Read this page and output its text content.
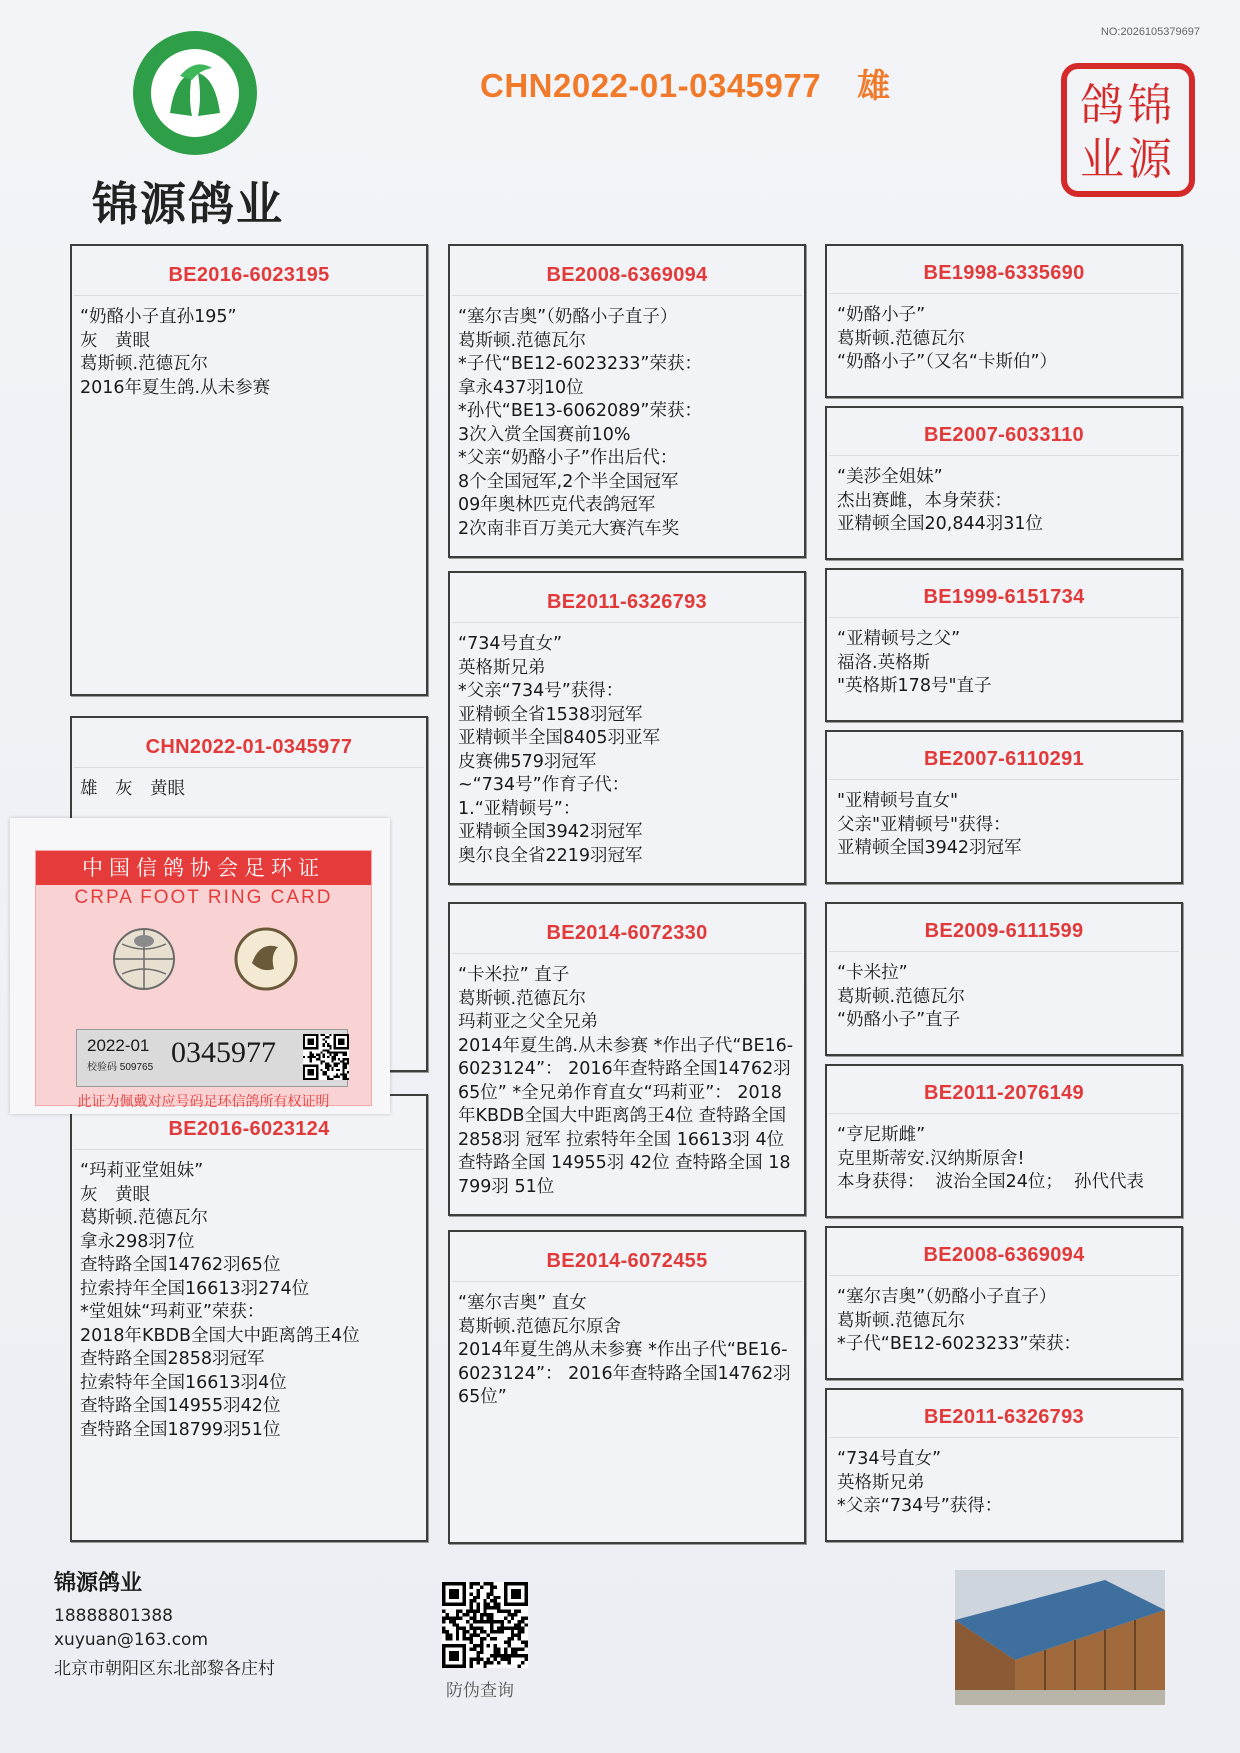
NO:2026105379697
锦源鸽业
CHN2022-01-0345977 雄	锦
源
鸽
业
BE2016-6023195
“奶酪小子直孙195”
灰　黄眼
葛斯顿.范德瓦尔
2016年夏生鸽.从未参赛
CHN2022-01-0345977
雄　灰　黄眼
BE2016-6023124
“玛莉亚堂姐妹”
灰　黄眼
葛斯顿.范德瓦尔
拿永298羽7位
查特路全国14762羽65位
拉索持年全国16613羽274位
*堂姐妹“玛莉亚”荣获：
2018年KBDB全国大中距离鸽王4位
查特路全国2858羽冠军
拉索特年全国16613羽4位
查特路全国14955羽42位
查特路全国18799羽51位
BE2008-6369094
“塞尔吉奥”（奶酪小子直子）
葛斯顿.范德瓦尔
*子代“BE12-6023233”荣获：
拿永437羽10位
*孙代“BE13-6062089”荣获：
3次入赏全国赛前10%
*父亲“奶酪小子”作出后代：
8个全国冠军,2个半全国冠军
09年奥林匹克代表鸽冠军
2次南非百万美元大赛汽车奖
BE2011-6326793
“734号直女”
英格斯兄弟
*父亲“734号”获得：
亚精顿全省1538羽冠军
亚精顿半全国8405羽亚军
皮赛佛579羽冠军
~“734号”作育子代：
1.“亚精顿号”：
亚精顿全国3942羽冠军
奥尔良全省2219羽冠军
BE2014-6072330
“卡米拉” 直子
葛斯顿.范德瓦尔
玛莉亚之父全兄弟
2014年夏生鸽.从未参赛 *作出子代“BE16-6023124”： 2016年查特路全国14762羽65位” *全兄弟作育直女“玛莉亚”： 2018年KBDB全国大中距离鸽王4位 查特路全国 2858羽 冠军 拉索特年全国 16613羽 4位 查特路全国 14955羽 42位 查特路全国 18799羽 51位
BE2014-6072455
“塞尔吉奥” 直女
葛斯顿.范德瓦尔原舍
2014年夏生鸽从未参赛 *作出子代“BE16-6023124”： 2016年查特路全国14762羽65位”
BE1998-6335690
“奶酪小子”
葛斯顿.范德瓦尔
“奶酪小子”（又名“卡斯伯”）
BE2007-6033110
“美莎全姐妹”
杰出赛雌，本身荣获：
亚精顿全国20,844羽31位
BE1999-6151734
“亚精顿号之父”
福洛.英格斯
"英格斯178号"直子
BE2007-6110291
"亚精顿号直女"
父亲"亚精顿号"获得：
亚精顿全国3942羽冠军
BE2009-6111599
“卡米拉”
葛斯顿.范德瓦尔
“奶酪小子”直子
BE2011-2076149
“亨尼斯雌”
克里斯蒂安.汉纳斯原舍!
本身获得：  波治全国24位；  孙代代表
BE2008-6369094
“塞尔吉奥”（奶酪小子直子）
葛斯顿.范德瓦尔
*子代“BE12-6023233”荣获：
BE2011-6326793
“734号直女”
英格斯兄弟
*父亲“734号”获得：
中国信鸽协会足环证
CRPA FOOT RING CARD
2022-01
校验码 509765 0345977
此证为佩戴对应号码足环信鸽所有权证明
锦源鸽业
18888801388
xuyuan@163.com
北京市朝阳区东北部黎各庄村
防伪查询
